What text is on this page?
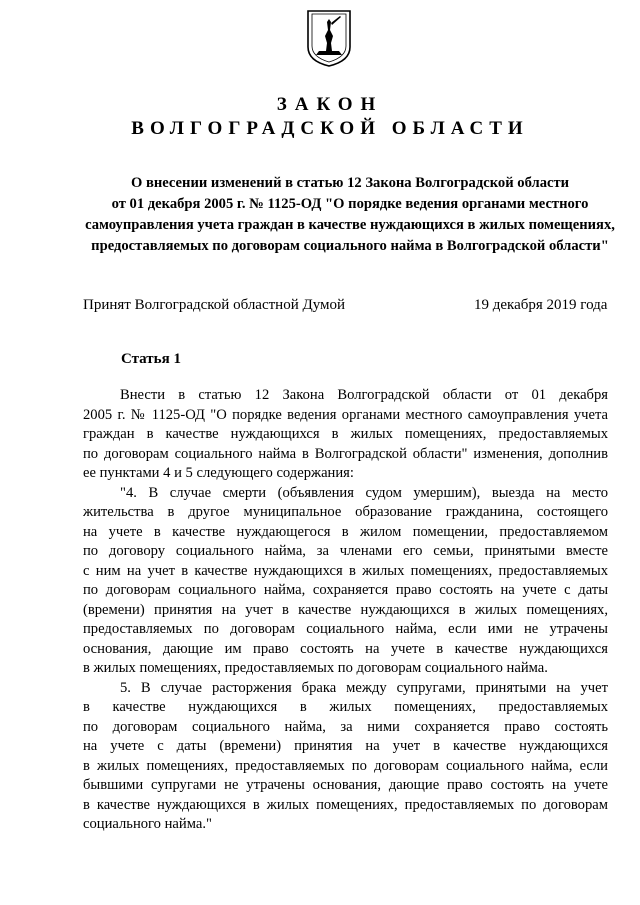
ЗАКОН
ВОЛГОГРАДСКОЙ ОБЛАСТИ
О внесении изменений в статью 12 Закона Волгоградской области
от 01 декабря 2005 г. № 1125-ОД "О порядке ведения органами местного
самоуправления учета граждан в качестве нуждающихся в жилых помещениях,
предоставляемых по договорам социального найма в Волгоградской области"
Принят Волгоградской областной Думой	19 декабря 2019 года
Статья 1
Внести в статью 12 Закона Волгоградской области от 01 декабря
2005 г. № 1125-ОД "О порядке ведения органами местного самоуправления учета
граждан в качестве нуждающихся в жилых помещениях, предоставляемых
по договорам социального найма в Волгоградской области" изменения, дополнив
ее пунктами 4 и 5 следующего содержания:
"4. В случае смерти (объявления судом умершим), выезда на место
жительства в другое муниципальное образование гражданина, состоящего
на учете в качестве нуждающегося в жилом помещении, предоставляемом
по договору социального найма, за членами его семьи, принятыми вместе
с ним на учет в качестве нуждающихся в жилых помещениях, предоставляемых
по договорам социального найма, сохраняется право состоять на учете с даты
(времени) принятия на учет в качестве нуждающихся в жилых помещениях,
предоставляемых по договорам социального найма, если ими не утрачены
основания, дающие им право состоять на учете в качестве нуждающихся
в жилых помещениях, предоставляемых по договорам социального найма.
5. В случае расторжения брака между супругами, принятыми на учет
в качестве нуждающихся в жилых помещениях, предоставляемых
по договорам социального найма, за ними сохраняется право состоять
на учете с даты (времени) принятия на учет в качестве нуждающихся
в жилых помещениях, предоставляемых по договорам социального найма, если
бывшими супругами не утрачены основания, дающие право состоять на учете
в качестве нуждающихся в жилых помещениях, предоставляемых по договорам
социального найма."
